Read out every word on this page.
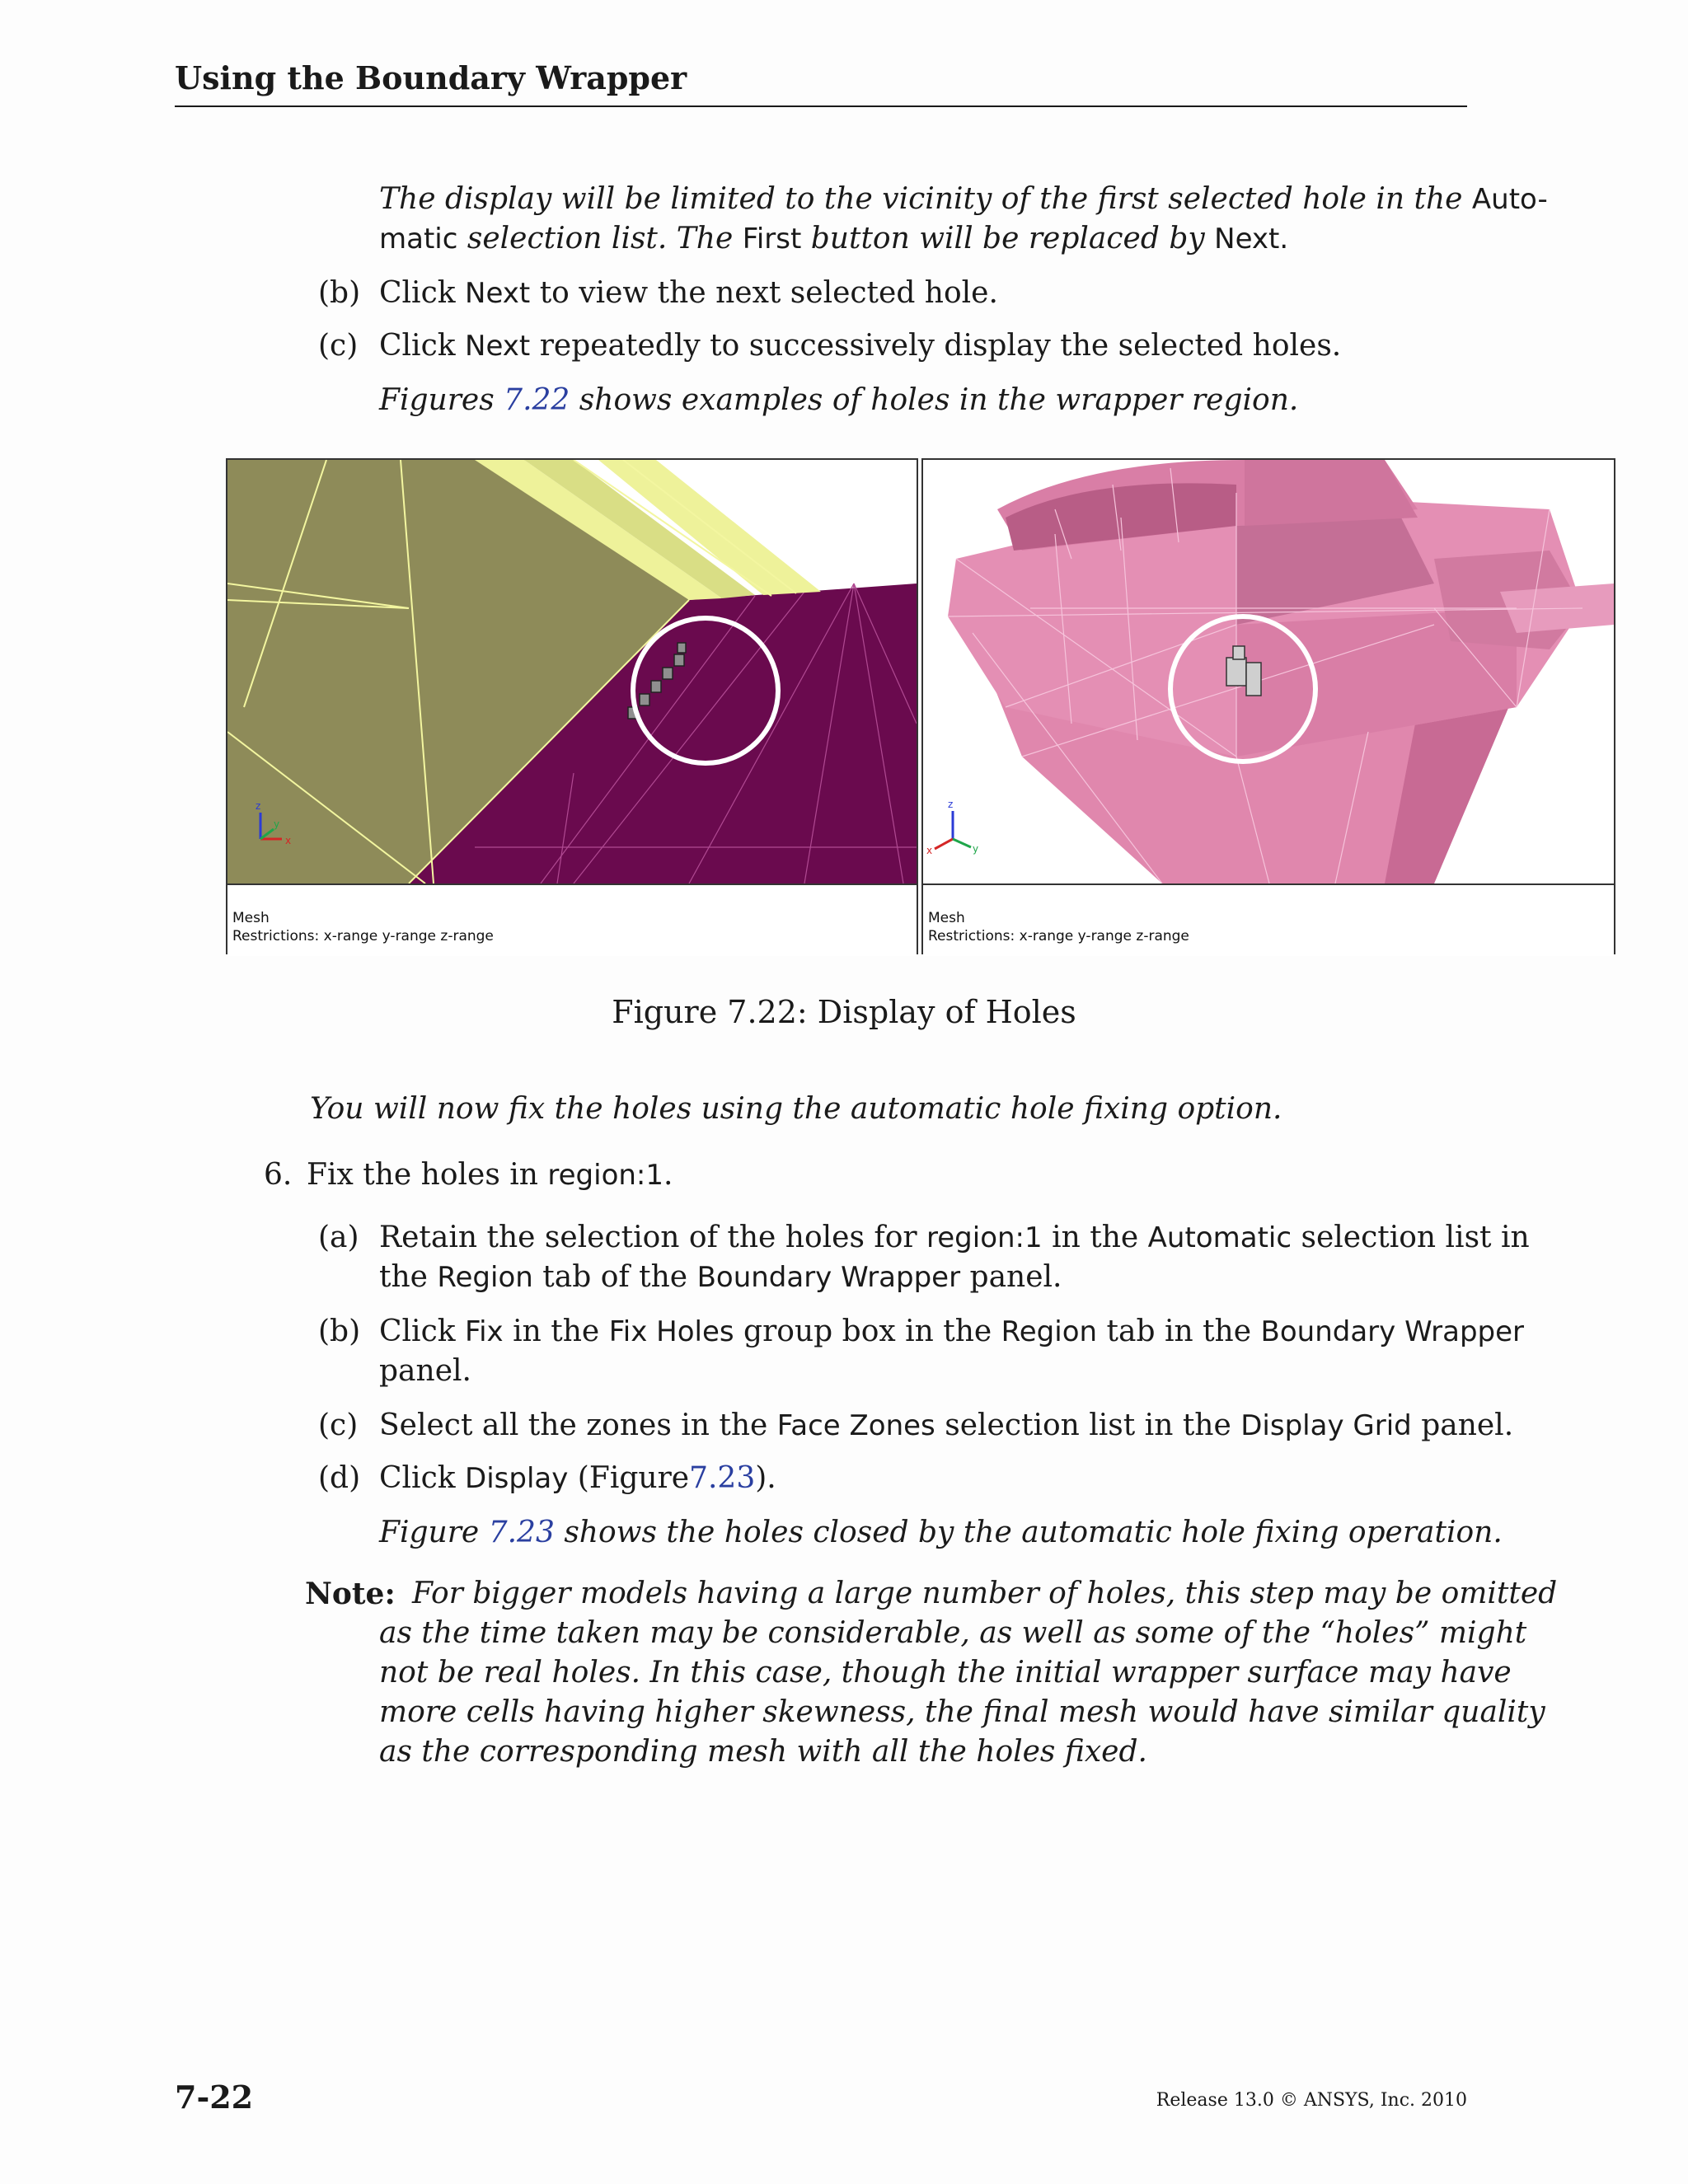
Using the Boundary Wrapper
The display will be limited to the vicinity of the first selected hole in the Auto-
matic selection list. The First button will be replaced by Next.
(b) Click Next to view the next selected hole.
(c) Click Next repeatedly to successively display the selected holes.
Figures 7.22 shows examples of holes in the wrapper region.
z
x
y
Mesh
Restrictions: x-range y-range z-range
z
x	y
Mesh
Restrictions: x-range y-range z-range
Figure 7.22: Display of Holes
You will now fix the holes using the automatic hole fixing option.
6. Fix the holes in region:1.
(a) Retain the selection of the holes for region:1 in the Automatic selection list in
the Region tab of the Boundary Wrapper panel.
(b) Click Fix in the Fix Holes group box in the Region tab in the Boundary Wrapper
panel.
(c) Select all the zones in the Face Zones selection list in the Display Grid panel.
(d) Click Display (Figure7.23).
Figure 7.23 shows the holes closed by the automatic hole fixing operation.
Note: For bigger models having a large number of holes, this step may be omitted
as the time taken may be considerable, as well as some of the “holes” might
not be real holes. In this case, though the initial wrapper surface may have
more cells having higher skewness, the final mesh would have similar quality
as the corresponding mesh with all the holes fixed.
7-22	Release 13.0 © ANSYS, Inc. 2010
